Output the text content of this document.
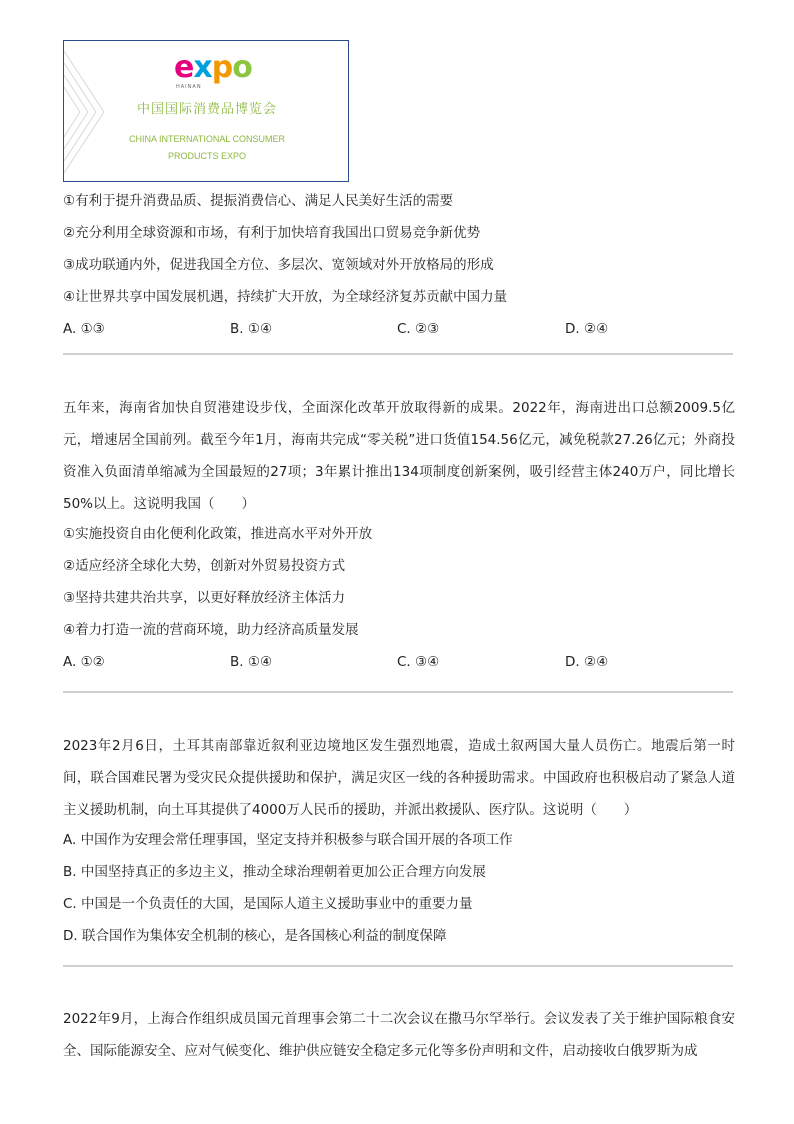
expo
HAINAN
中国国际消费品博览会
CHINA INTERNATIONAL CONSUMER
PRODUCTS EXPO
①有利于提升消费品质、提振消费信心、满足人民美好生活的需要
②充分利用全球资源和市场，有利于加快培育我国出口贸易竞争新优势
③成功联通内外，促进我国全方位、多层次、宽领域对外开放格局的形成
④让世界共享中国发展机遇，持续扩大开放，为全球经济复苏贡献中国力量
A. ①③	B. ①④	C. ②③	D. ②④
五年来，海南省加快自贸港建设步伐，全面深化改革开放取得新的成果。2022年，海南进出口总额2009.5亿元，增速居全国前列。截至今年1月，海南共完成“零关税”进口货值154.56亿元，减免税款27.26亿元；外商投资准入负面清单缩减为全国最短的27项；3年累计推出134项制度创新案例，吸引经营主体240万户，同比增长50%以上。这说明我国（　　）
①实施投资自由化便利化政策，推进高水平对外开放
②适应经济全球化大势，创新对外贸易投资方式
③坚持共建共治共享，以更好释放经济主体活力
④着力打造一流的营商环境，助力经济高质量发展
A. ①②	B. ①④	C. ③④	D. ②④
2023年2月6日，土耳其南部靠近叙利亚边境地区发生强烈地震，造成土叙两国大量人员伤亡。地震后第一时间，联合国难民署为受灾民众提供援助和保护，满足灾区一线的各种援助需求。中国政府也积极启动了紧急人道主义援助机制，向土耳其提供了4000万人民币的援助，并派出救援队、医疗队。这说明（　　）
A. 中国作为安理会常任理事国，坚定支持并积极参与联合国开展的各项工作
B. 中国坚持真正的多边主义，推动全球治理朝着更加公正合理方向发展
C. 中国是一个负责任的大国，是国际人道主义援助事业中的重要力量
D. 联合国作为集体安全机制的核心，是各国核心利益的制度保障
2022年9月，上海合作组织成员国元首理事会第二十二次会议在撒马尔罕举行。会议发表了关于维护国际粮食安全、国际能源安全、应对气候变化、维护供应链安全稳定多元化等多份声明和文件，启动接收白俄罗斯为成
